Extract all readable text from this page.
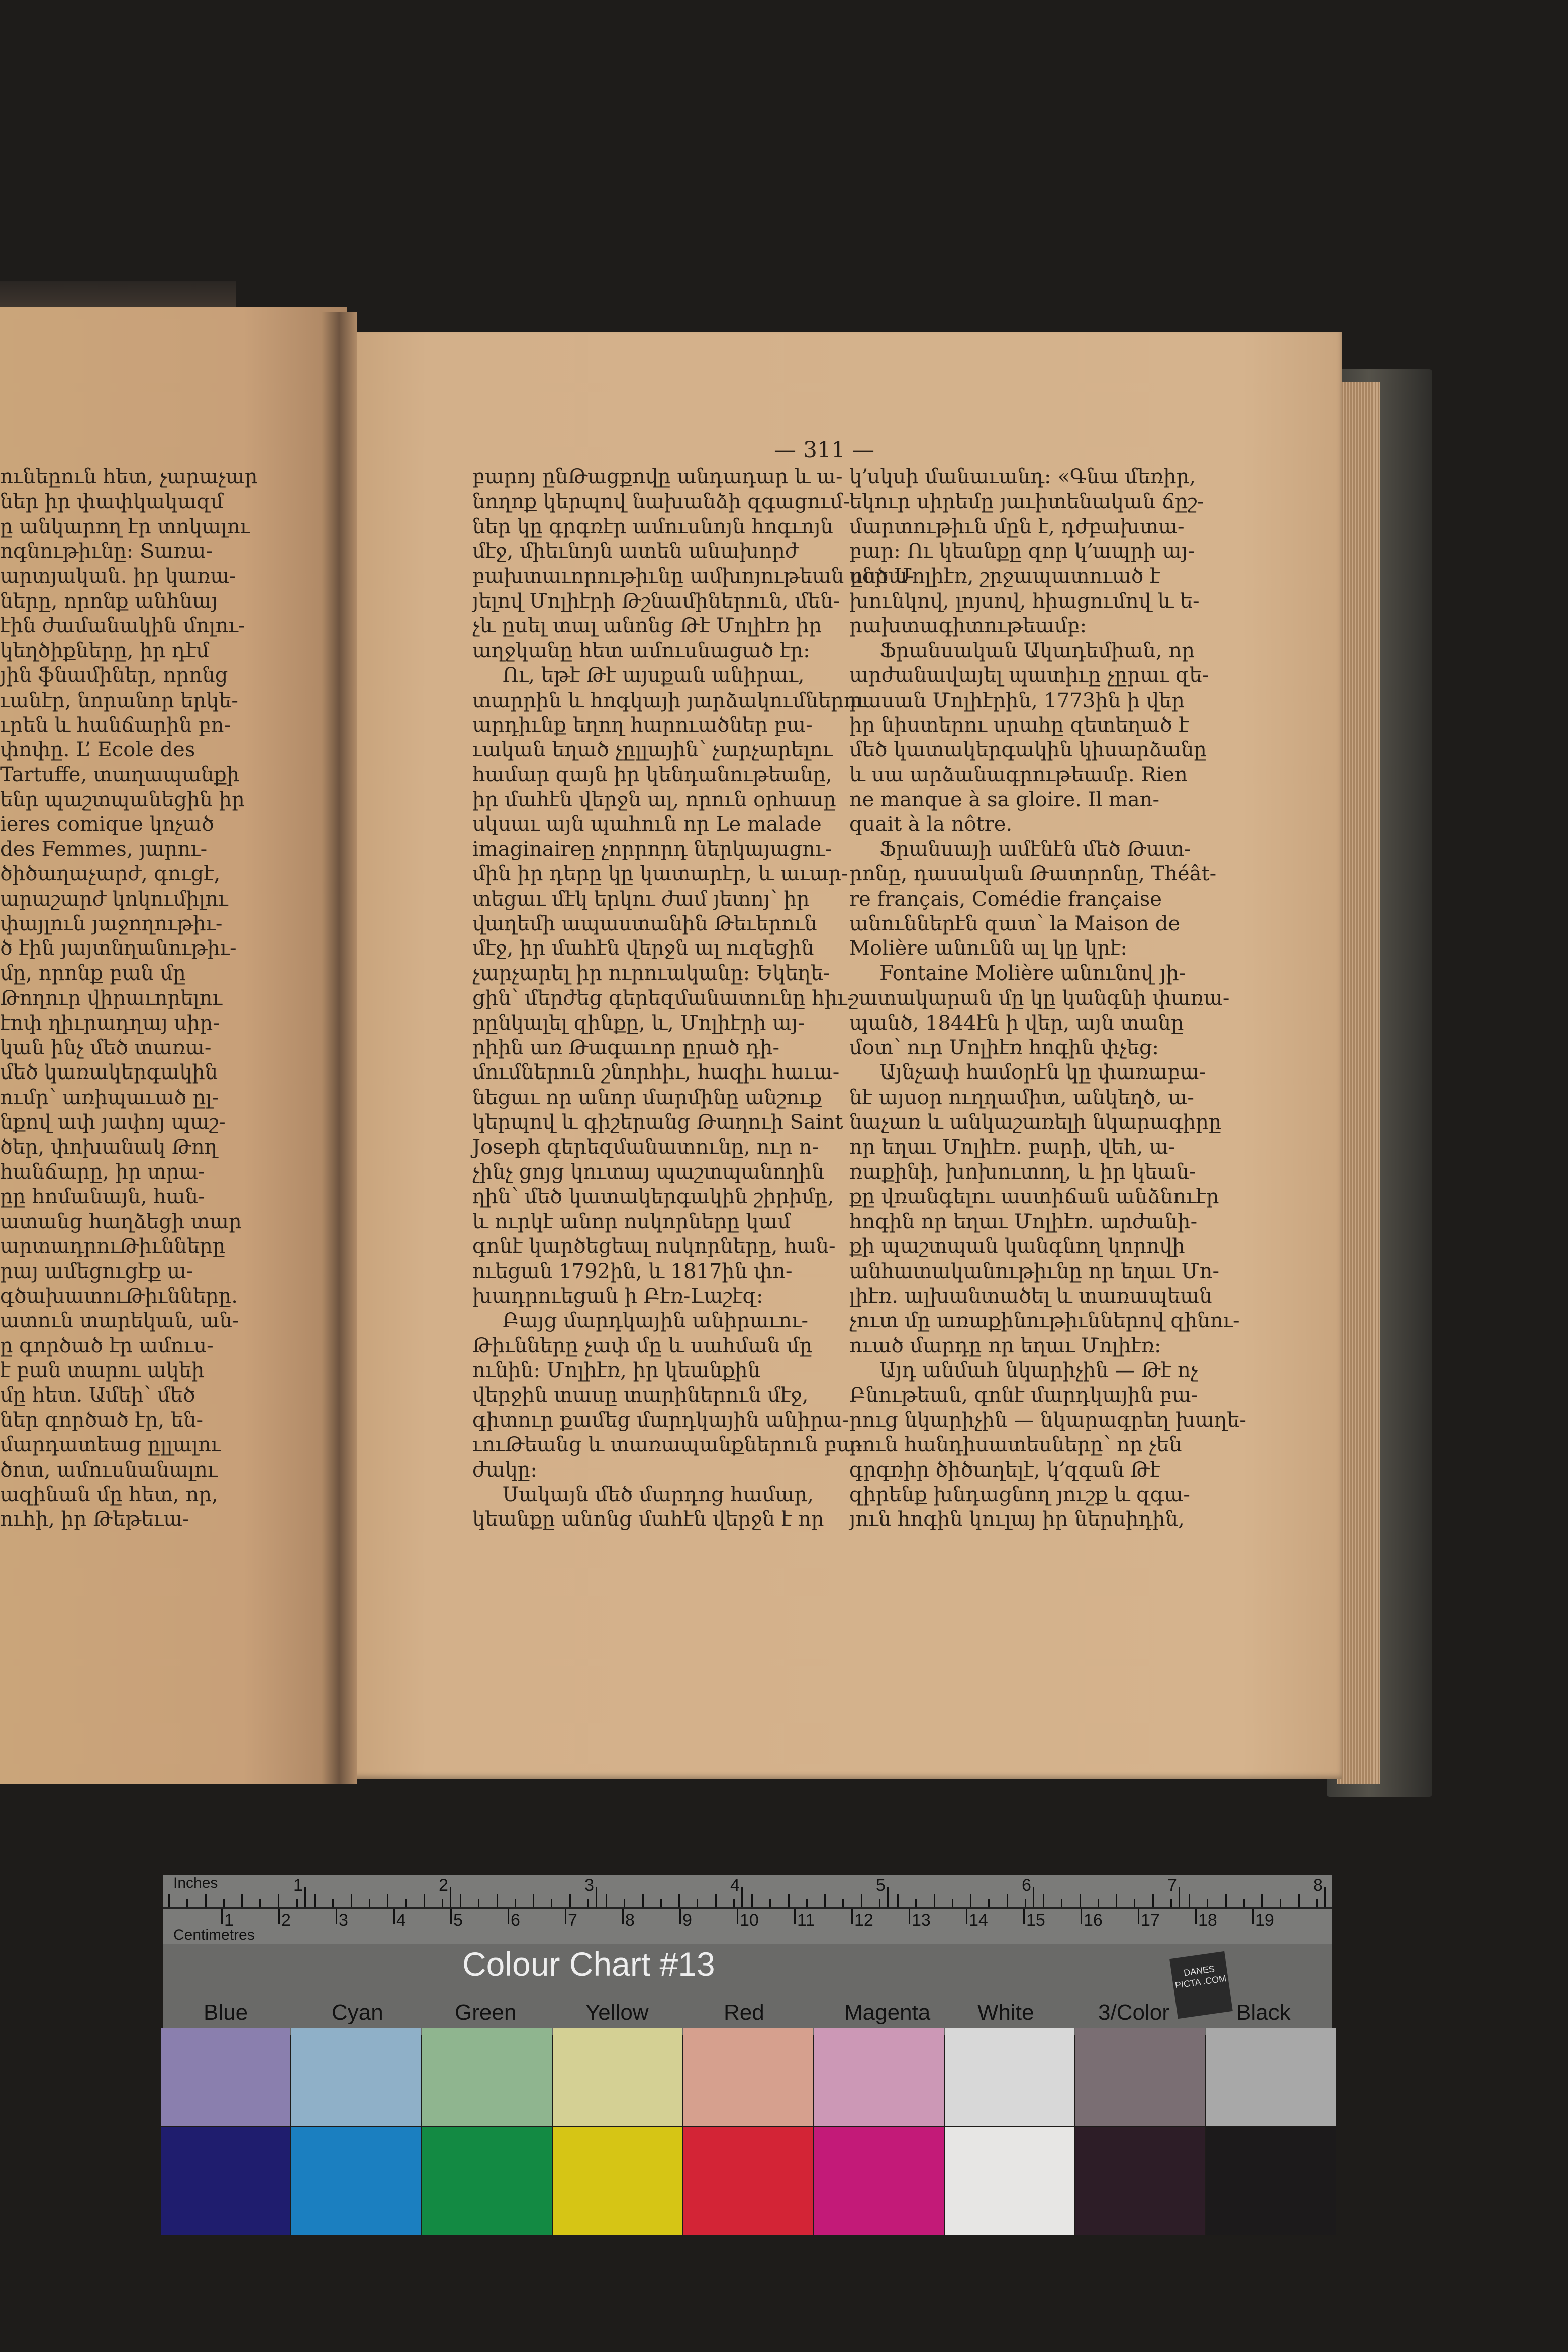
— 311 —
ունեըուն հետ, չարաչար
ներ իր փափկակազմ
ը անկարող էր տոկալու
ոգնութիւնը։ Տառա-
արտյական. իր կառա-
ները, որոնք անհնայ
էին ժամանակին մոլու-
կեղծիքները, իր դէմ
յին ֆնամիներ, որոնց
ւանէր, նորանոր երկե-
ւրեն և հանճարին բո-
փոփը. L’ Ecole des
Tartuffe, տաղապանքի
ենր պաշտպանեցին իր
ieres comique կոչած
des Femmes, յարու-
ծիծաղաչարժ, գուցէ,
արաշարժ կոկումիլու
փայլուն յաջողութիւ-
ծ էին յայտնղանութիւ-
մը, որոնք բան մը
Թողուր վիրաւորելու
էոփ ղիւրադղայ սիր-
կան ինչ մեծ տառա-
մեծ կառակերգակին
ումր՝ առիպաւած ըլ-
նքով ափ յափոյ պաշ-
ծեր, փոխանակ Թող
հանճարը, իր տրա-
ըը հոմանայն, հան-
ատանց հաղձեցի տար
արտադրուԹիւնները
րայ ամեցուցէք ա-
գծախատուԹիւնները.
ատուն տարեկան, ան-
ը գործած էր ամուս-
է բան տարու ակեի
մը հետ. Ամեի՝ մեծ
ներ գործած էր, են-
մարդատեաց ըլլալու
ծոտ, ամուսնանալու
ազինան մը հետ, որ,
ուհի, իր Թեթեւա-
բարոյ ընԹացքովը անդադար և ա-
նողոք կերպով նախանձի զգացում-
ներ կը գրգռէր ամուսնոյն հոգւոյն
մէջ, միեւնոյն ատեն անախորժ
բախտաւորութիւնը ամխոյութեան ընծա-
յելով Մոլիէրի Թշնամիներուն, մեն-
չև ըսել տալ անոնց Թէ Մոլիէռ իր
աղջկանը հետ ամուսնացած էր։
Ու, եթէ Թէ այսքան անիրաւ,
տարրին և հոգկայի յարձակումներու
արդիւնք եղող հարուածներ բա-
ւական եղած չըլլային՝ չարչարելու
համար զայն իր կենդանութեանը,
իր մահէն վերջն ալ, որուն օրհասը
սկսաւ այն պահուն որ Le malade
imaginaireը չորրորդ ներկայացու-
մին իր դերը կը կատարէր, և աւար-
տեցաւ մէկ երկու ժամ յետոյ՝ իր
վաղեմի ապաստանին Թեւերուն
մէջ, իր մահէն վերջն ալ ուզեցին
չարչարել իր ուրուականը։ Եկեղե-
ցին՝ մերժեց գերեզմանատունը հիւ-
րընկալել զինքը, և, Մոլիէրի այ-
րիին առ Թագաւոր ըրած դի-
մումներուն շնորհիւ, հազիւ հաւա-
նեցաւ որ անոր մարմինը անշուք
կերպով և գիշերանց Թաղուի Saint
Joseph գերեզմանատունը, ուր ո-
չինչ ցոյց կուտայ պաշտպանողին
ղին՝ մեծ կատակերգակին շիրիմը,
և ուրկէ անոր ոսկորները կամ
գոնէ կարծեցեալ ոսկորները, հան-
ուեցան 1792ին, և 1817ին փո-
խադրուեցան ի Բէռ-Լաշէզ։
Բայց մարդկային անիրաւու-
Թիւնները չափ մը և սահման մը
ունին։ Մոլիէռ, իր կեանքին
վերջին տասը տարիներուն մէջ,
գիտուր քամեց մարդկային անիրա-
ւուԹեանց և տառապանքներուն բա-
ժակը։
Սակայն մեծ մարդոց համար,
կեանքը անոնց մահէն վերջն է որ
կ՚սկսի մանաւանդ։ «Գնա մեռիր,
եկուր սիրեմը յաւիտենական ճըշ-
մարտութիւն մըն է, դժբախտա-
բար։ Ու կեանքը զոր կ՚ապրի այ-
սօր Մոլիէռ, շրջապատուած է
խունկով, լոյսով, հիացումով և ե-
րախտագիտութեամբ։
Ֆրանսական Ակադեմիան, որ
արժանավայել պատիւը չըրաւ զե-
րասան Մոլիէրին, 1773ին ի վեր
իր նիստերու սրահը զետեղած է
մեծ կատակերգակին կիսարձանը
և սա արձանագրութեամբ. Rien
ne manque à sa gloire. Il man-
quait à la nôtre.
Ֆրանսայի ամէնէն մեծ Թատ-
րոնը, դասական Թատրոնը, Théât-
re français, Comédie française
անուններէն զատ՝ la Maison de
Molière անունն ալ կը կրէ։
Fontaine Molière անունով յի-
շատակարան մը կը կանգնի փառա-
պանծ, 1844էն ի վեր, այն տանը
մօտ՝ ուր Մոլիէռ հոգին փչեց։
Այնչափ համօրէն կը փառաբա-
նէ այսօր ուղղամիտ, անկեղծ, ա-
նաչառ և անկաշառելի նկարագիրը
որ եղաւ Մոլիէռ. բարի, վեհ, ա-
ռաքինի, խոխուտող, և իր կեան-
քը վռանգելու աստիճան անձնուէր
հոգին որ եղաւ Մոլիէռ. արժանի-
քի պաշտպան կանգնող կորովի
անհատականութիւնը որ եղաւ Մո-
լիէռ. ալխանտածել և տառապեան
չուտ մը առաքինութիւններով զինու-
ուած մարդը որ եղաւ Մոլիէռ։
Այդ անմահ նկարիչին — Թէ ոչ
Բնութեան, գոնէ մարդկային բա-
րուց նկարիչին — նկարագրեղ խաղե-
րուն հանդիսատեսները՝ որ չեն
գրգռիր ծիծաղելէ, կ՚զգան Թէ
զիրենք խնդացնող յուշք և զգա-
յուն հոգին կուլայ իր ներսիդին,
Inches	1	2	3	4	5	6	7	8
Centimetres
1	2	3	4	5	6	7	8	9	10 11 12 13 14 15 16 17 18 19
Colour Chart #13	DANES PICTA .COM
Blue	Cyan	Green	Yellow	Red	Magenta White	3/Color	Black
